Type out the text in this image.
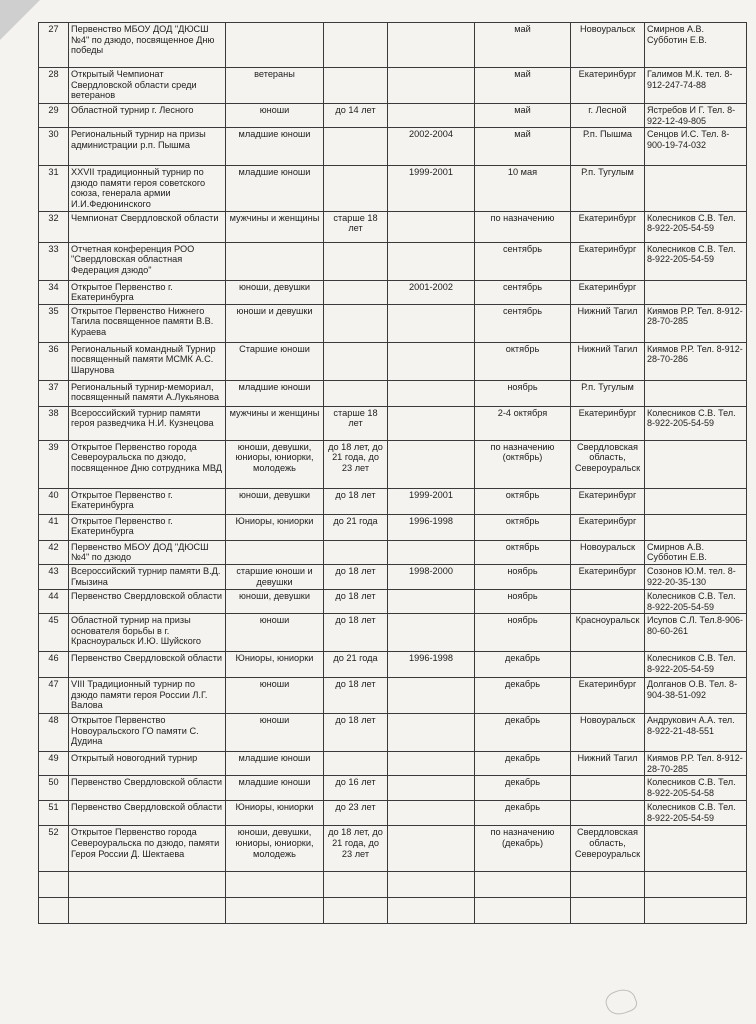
27	Первенство МБОУ ДОД "ДЮСШ №4" по дзюдо, посвященное Дню победы				май	Новоуральск	Смирнов А.В. Субботин Е.В.
28	Открытый Чемпионат Свердловской области среди ветеранов	ветераны			май	Екатеринбург	Галимов М.К. тел. 8-912-247-74-88
29	Областной турнир г. Лесного	юноши	до 14 лет		май	г. Лесной	Ястребов И Г. Тел. 8-922-12-49-805
30	Региональный турнир на призы администрации р.п. Пышма	младшие юноши		2002-2004	май	Р.п. Пышма	Сенцов И.С. Тел. 8-900-19-74-032
31	XXVII традиционный турнир по дзюдо памяти героя советского союза, генерала армии И.И.Федюнинского	младшие юноши		1999-2001	10 мая	Р.п. Тугулым	
32	Чемпионат Свердловской области	мужчины и женщины	старше 18 лет		по назначению	Екатеринбург	Колесников С.В. Тел. 8-922-205-54-59
33	Отчетная конференция РОО "Свердловская областная Федерация дзюдо"				сентябрь	Екатеринбург	Колесников С.В. Тел. 8-922-205-54-59
34	Открытое Первенство г. Екатеринбурга	юноши, девушки		2001-2002	сентябрь	Екатеринбург	
35	Открытое Первенство Нижнего Тагила посвященное памяти В.В. Кураева	юноши и девушки			сентябрь	Нижний Тагил	Киямов Р.Р. Тел. 8-912-28-70-285
36	Региональный командный Турнир посвященный памяти МСМК А.С. Шарунова	Старшие юноши			октябрь	Нижний Тагил	Киямов Р.Р. Тел. 8-912-28-70-286
37	Региональный турнир-мемориал, посвященный памяти А.Лукьянова	младшие юноши			ноябрь	Р.п. Тугулым	
38	Всероссийский турнир памяти героя разведчика Н.И. Кузнецова	мужчины и женщины	старше 18 лет		2-4 октября	Екатеринбург	Колесников С.В. Тел. 8-922-205-54-59
39	Открытое Первенство города Североуральска по дзюдо, посвященное Дню сотрудника МВД	юноши, девушки, юниоры, юниорки, молодежь	до 18 лет, до 21 года, до 23 лет		по назначению (октябрь)	Свердловская область, Североуральск	
40	Открытое Первенство г. Екатеринбурга	юноши, девушки	до 18 лет	1999-2001	октябрь	Екатеринбург	
41	Открытое Первенство г. Екатеринбурга	Юниоры, юниорки	до 21 года	1996-1998	октябрь	Екатеринбург	
42	Первенство МБОУ ДОД "ДЮСШ №4" по дзюдо				октябрь	Новоуральск	Смирнов А.В. Субботин Е.В.
43	Всероссийский турнир памяти В.Д. Гмызина	старшие юноши и девушки	до 18 лет	1998-2000	ноябрь	Екатеринбург	Созонов Ю.М. тел. 8-922-20-35-130
44	Первенство Свердловской области	юноши, девушки	до 18 лет		ноябрь		Колесников С.В. Тел. 8-922-205-54-59
45	Областной турнир на призы основателя борьбы в г. Красноуральск И.Ю. Шуйского	юноши	до 18 лет		ноябрь	Красноуральск	Исупов С.Л. Тел.8-906-80-60-261
46	Первенство Свердловской области	Юниоры, юниорки	до 21 года	1996-1998	декабрь		Колесников С.В. Тел. 8-922-205-54-59
47	VIII Традиционный турнир по дзюдо памяти героя России Л.Г. Валова	юноши	до 18 лет		декабрь	Екатеринбург	Долганов О.В. Тел. 8-904-38-51-092
48	Открытое Первенство Новоуральского ГО памяти С. Дудина	юноши	до 18 лет		декабрь	Новоуральск	Андрукович А.А. тел. 8-922-21-48-551
49	Открытый новогодний турнир	младшие юноши			декабрь	Нижний Тагил	Киямов Р.Р. Тел. 8-912-28-70-285
50	Первенство Свердловской области	младшие юноши	до 16 лет		декабрь		Колесников С.В. Тел. 8-922-205-54-58
51	Первенство Свердловской области	Юниоры, юниорки	до 23 лет		декабрь		Колесников С.В. Тел. 8-922-205-54-59
52	Открытое Первенство города Североуральска по дзюдо, памяти Героя России Д. Шектаева	юноши, девушки, юниоры, юниорки, молодежь	до 18 лет, до 21 года, до 23 лет		по назначению (декабрь)	Свердловская область, Североуральск	
